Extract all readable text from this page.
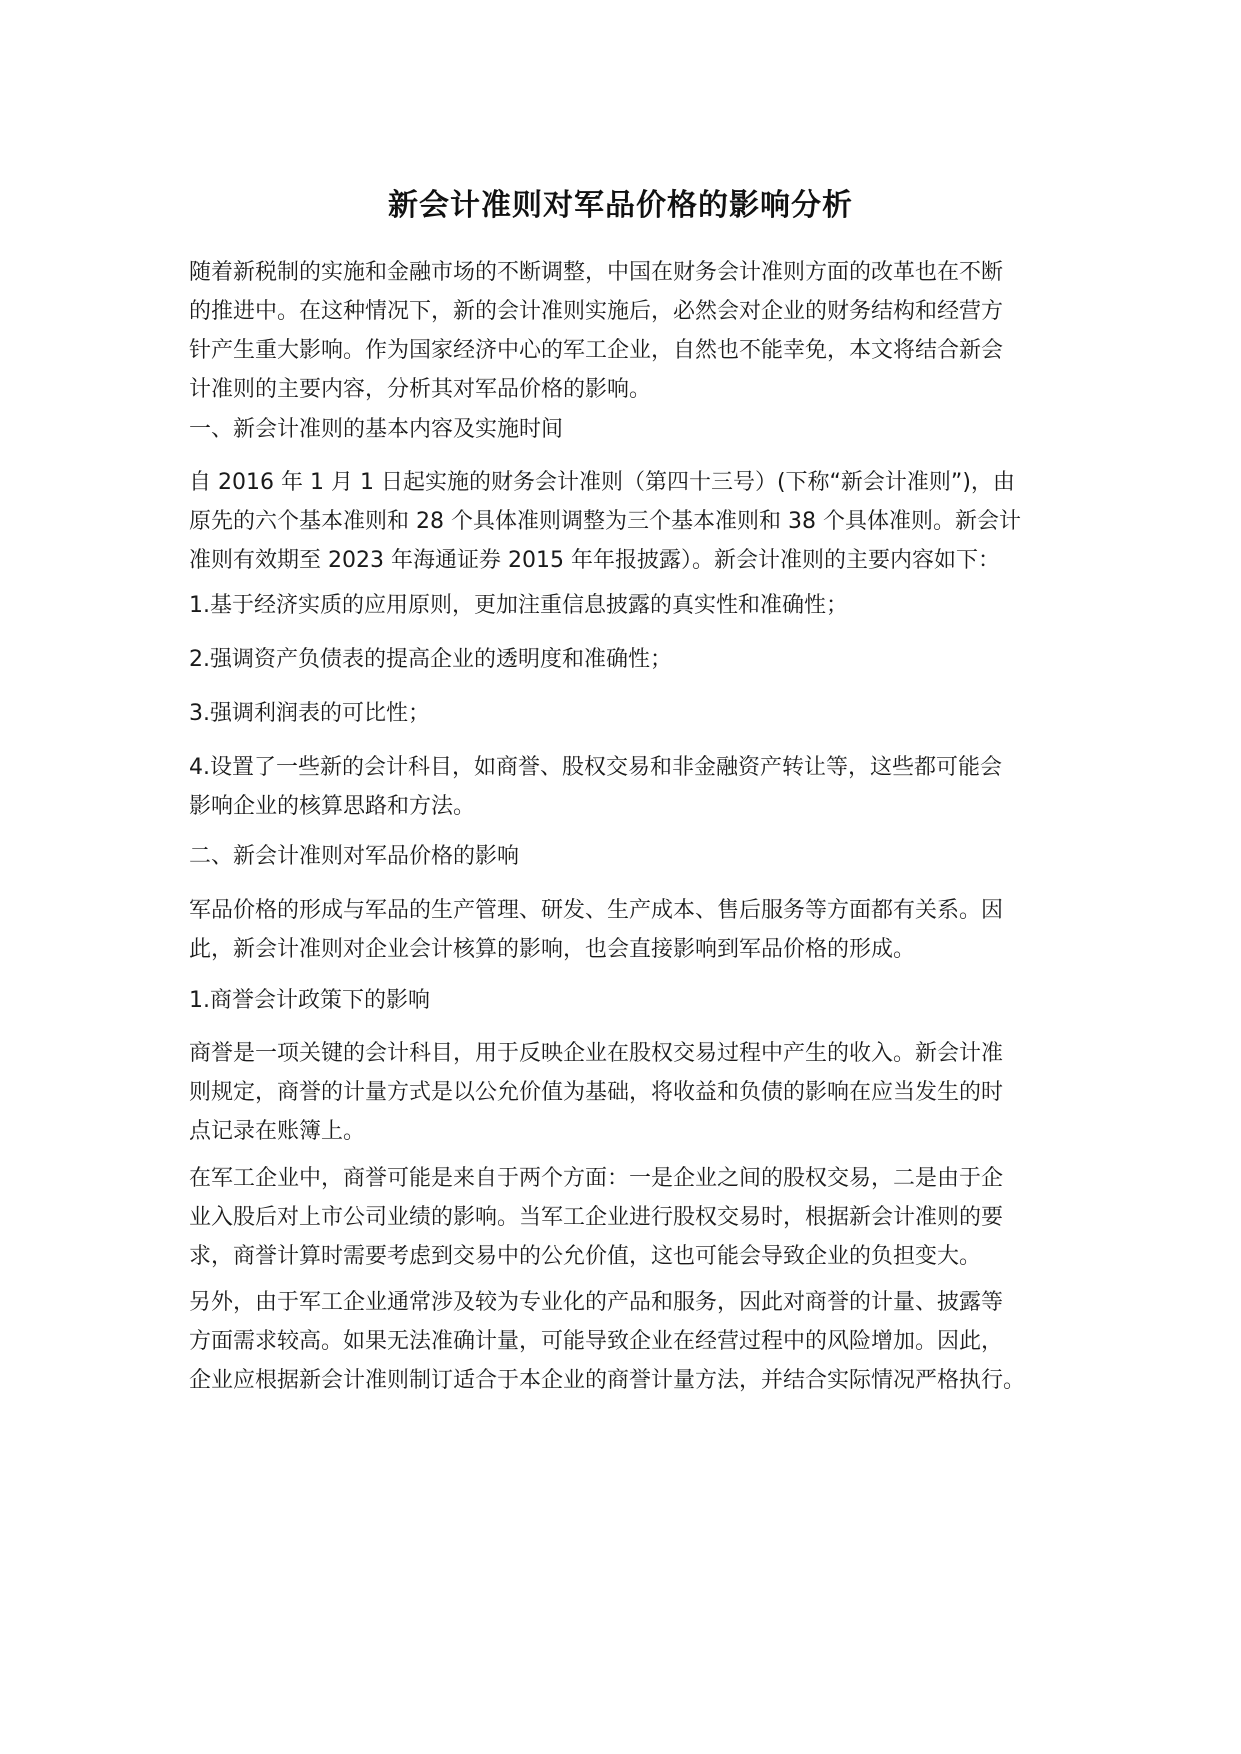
新会计准则对军品价格的影响分析

随着新税制的实施和金融市场的不断调整，中国在财务会计准则方面的改革也在不断
的推进中。在这种情况下，新的会计准则实施后，必然会对企业的财务结构和经营方
针产生重大影响。作为国家经济中心的军工企业，自然也不能幸免，本文将结合新会
计准则的主要内容，分析其对军品价格的影响。

一、新会计准则的基本内容及实施时间

自 2016 年 1 月 1 日起实施的财务会计准则（第四十三号）(下称“新会计准则”)，由
原先的六个基本准则和 28 个具体准则调整为三个基本准则和 38 个具体准则。新会计
准则有效期至 2023 年海通证券 2015 年年报披露）。新会计准则的主要内容如下：

1.基于经济实质的应用原则，更加注重信息披露的真实性和准确性；

2.强调资产负债表的提高企业的透明度和准确性；

3.强调利润表的可比性；

4.设置了一些新的会计科目，如商誉、股权交易和非金融资产转让等，这些都可能会
影响企业的核算思路和方法。

二、新会计准则对军品价格的影响

军品价格的形成与军品的生产管理、研发、生产成本、售后服务等方面都有关系。因
此，新会计准则对企业会计核算的影响，也会直接影响到军品价格的形成。

1.商誉会计政策下的影响

商誉是一项关键的会计科目，用于反映企业在股权交易过程中产生的收入。新会计准
则规定，商誉的计量方式是以公允价值为基础，将收益和负债的影响在应当发生的时
点记录在账簿上。

在军工企业中，商誉可能是来自于两个方面：一是企业之间的股权交易，二是由于企
业入股后对上市公司业绩的影响。当军工企业进行股权交易时，根据新会计准则的要
求，商誉计算时需要考虑到交易中的公允价值，这也可能会导致企业的负担变大。

另外，由于军工企业通常涉及较为专业化的产品和服务，因此对商誉的计量、披露等
方面需求较高。如果无法准确计量，可能导致企业在经营过程中的风险增加。因此，
企业应根据新会计准则制订适合于本企业的商誉计量方法，并结合实际情况严格执行。
